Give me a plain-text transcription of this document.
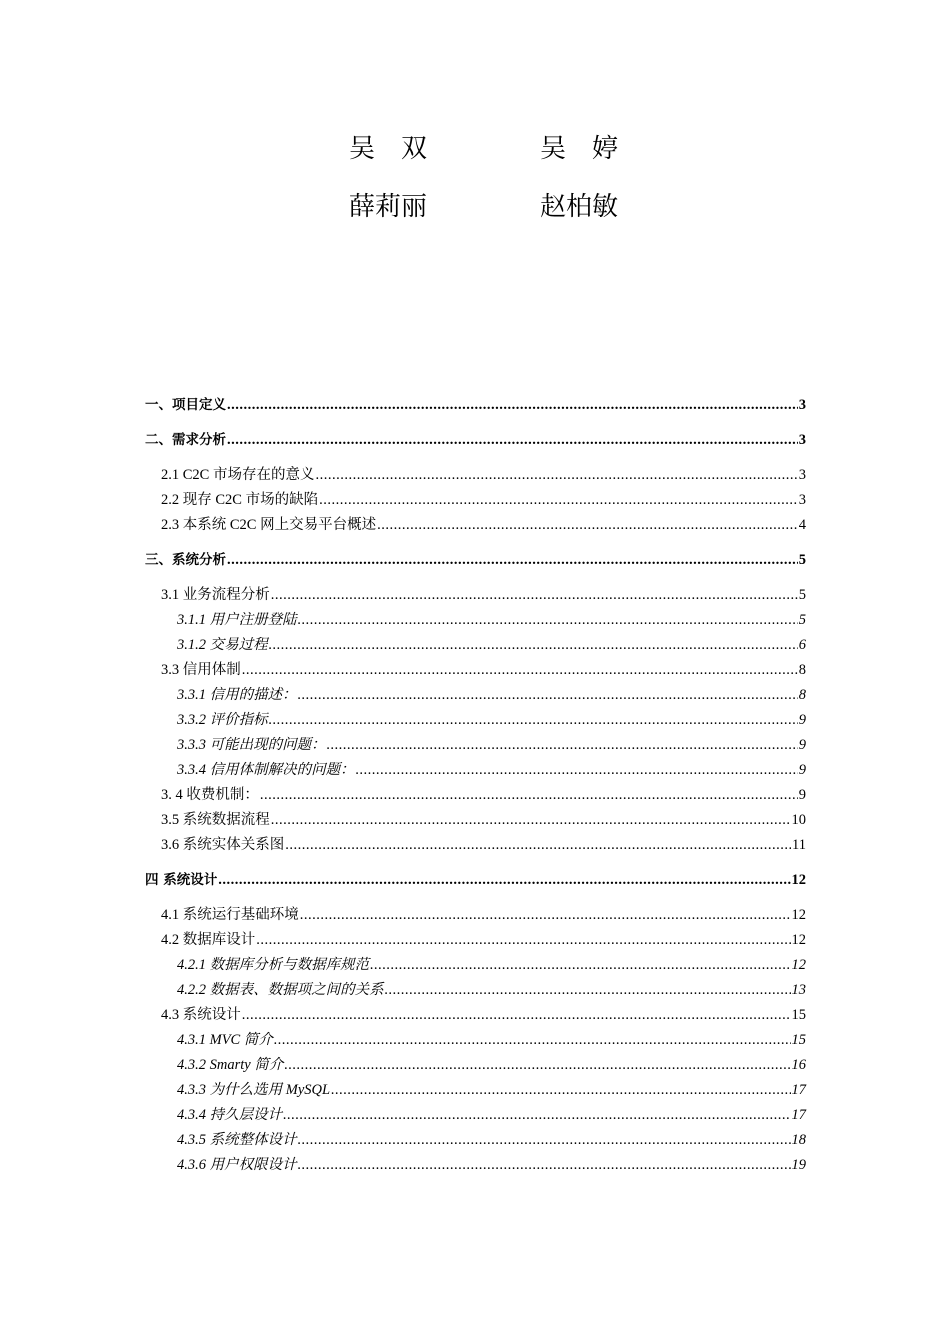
吴　双	吴　婷
薛莉丽	赵柏敏
一、项目定义 .....	3
二、需求分析 .....	3
2.1 C2C 市场存在的意义 .....	3
2.2 现存 C2C 市场的缺陷 .....	3
2.3 本系统 C2C 网上交易平台概述 .....	4
三、系统分析 .....	5
3.1 业务流程分析 .....	5
3.1.1 用户注册登陆 .....	5
3.1.2 交易过程 .....	6
3.3 信用体制 .....	8
3.3.1 信用的描述： .....	8
3.3.2 评价指标 .....	9
3.3.3 可能出现的问题： .....	9
3.3.4 信用体制解决的问题： .....	9
3. 4 收费机制： .....	9
3.5 系统数据流程 .....	10
3.6 系统实体关系图 .....	11
四 系统设计 .....	12
4.1 系统运行基础环境 .....	12
4.2 数据库设计 .....	12
4.2.1 数据库分析与数据库规范 .....	12
4.2.2 数据表、数据项之间的关系 .....	13
4.3 系统设计 .....	15
4.3.1 MVC 简介 .....	15
4.3.2 Smarty 简介 .....	16
4.3.3 为什么选用 MySQL .....	17
4.3.4 持久层设计 .....	17
4.3.5 系统整体设计 .....	18
4.3.6 用户权限设计 .....	19
